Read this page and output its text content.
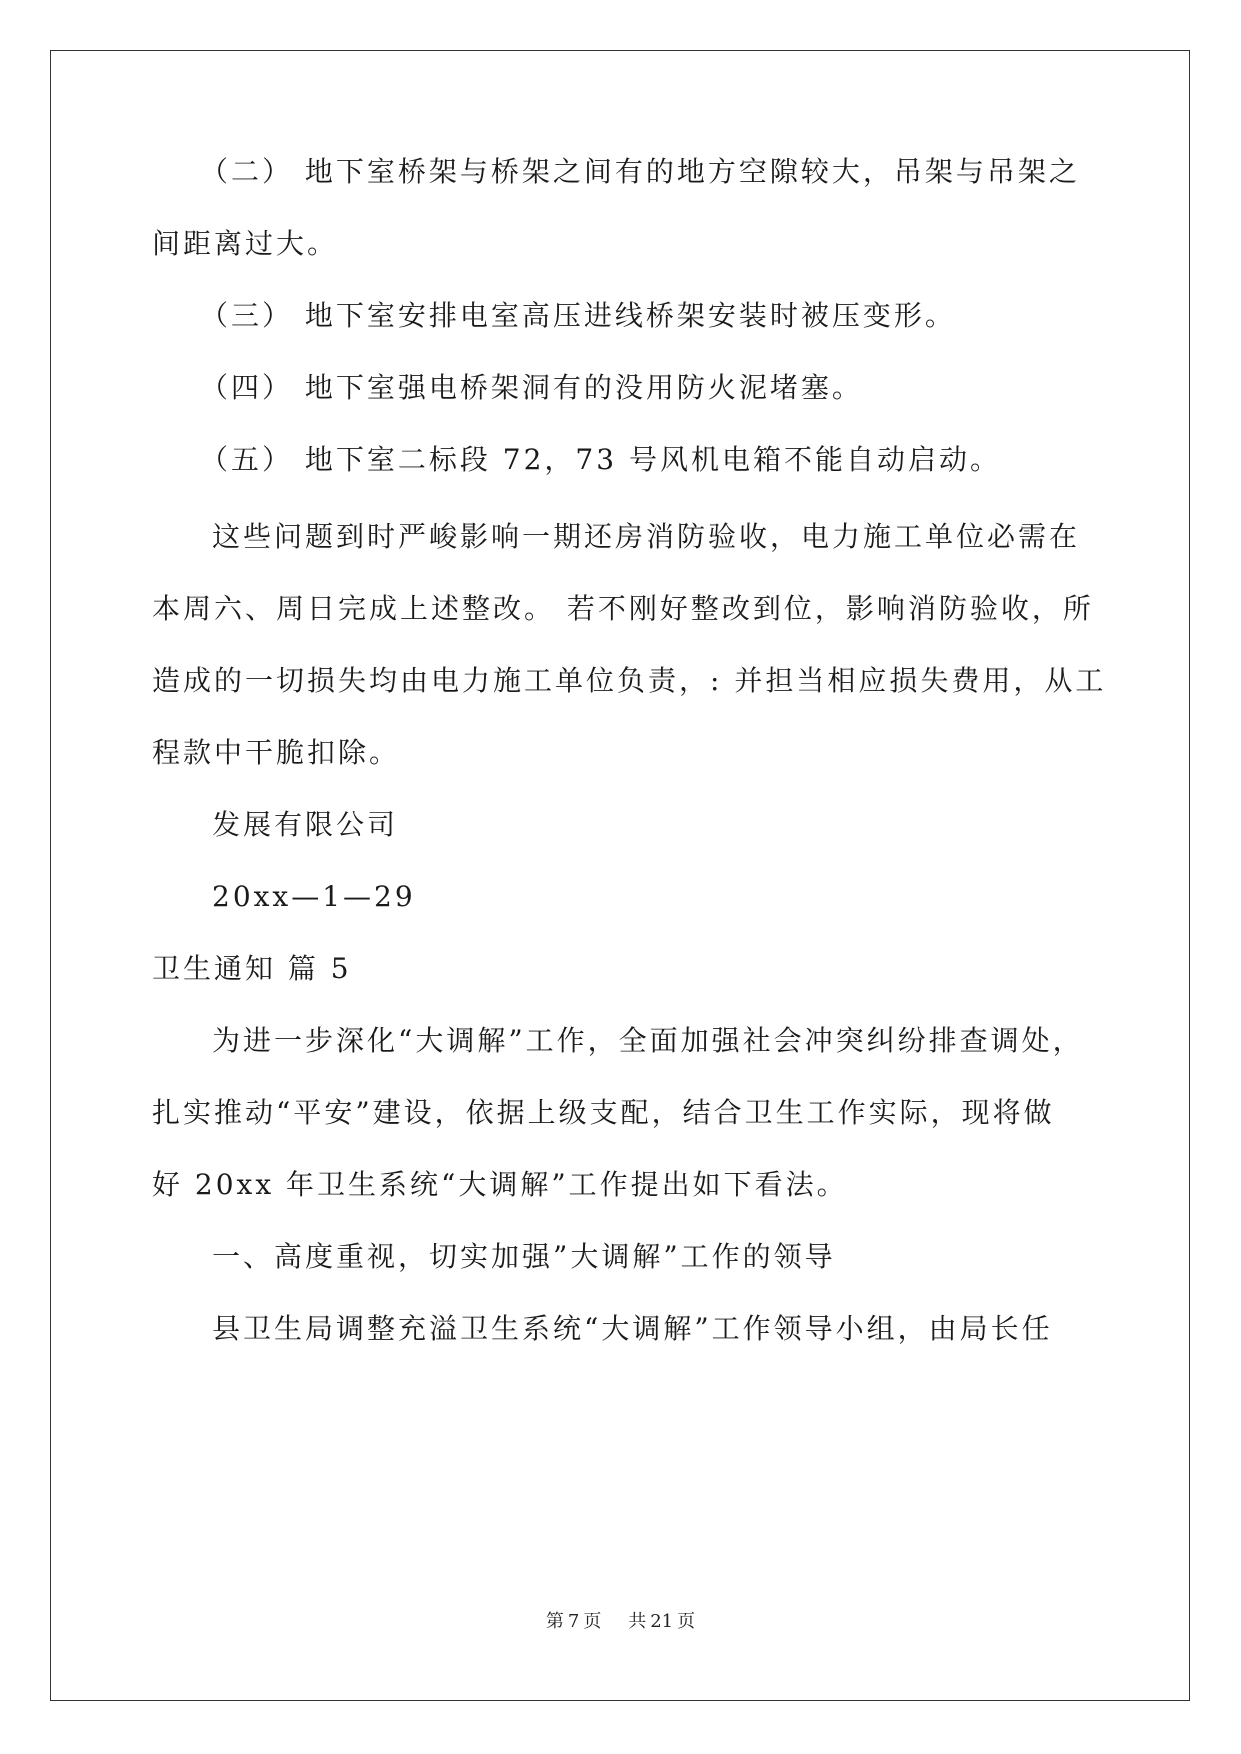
（二） 地下室桥架与桥架之间有的地方空隙较大，吊架与吊架之
间距离过大。
（三） 地下室安排电室高压进线桥架安装时被压变形。
（四） 地下室强电桥架洞有的没用防火泥堵塞。
（五） 地下室二标段 72，73 号风机电箱不能自动启动。
这些问题到时严峻影响一期还房消防验收，电力施工单位必需在
本周六、周日完成上述整改。 若不刚好整改到位，影响消防验收，所
造成的一切损失均由电力施工单位负责，: 并担当相应损失费用，从工
程款中干脆扣除。
发展有限公司
20xx—1—29
卫生通知 篇 5
为进一步深化“大调解”工作，全面加强社会冲突纠纷排查调处，
扎实推动“平安”建设，依据上级支配，结合卫生工作实际，现将做
好 20xx 年卫生系统“大调解”工作提出如下看法。
一、高度重视，切实加强”大调解”工作的领导
县卫生局调整充溢卫生系统“大调解”工作领导小组，由局长任
第 7 页 共 21 页
